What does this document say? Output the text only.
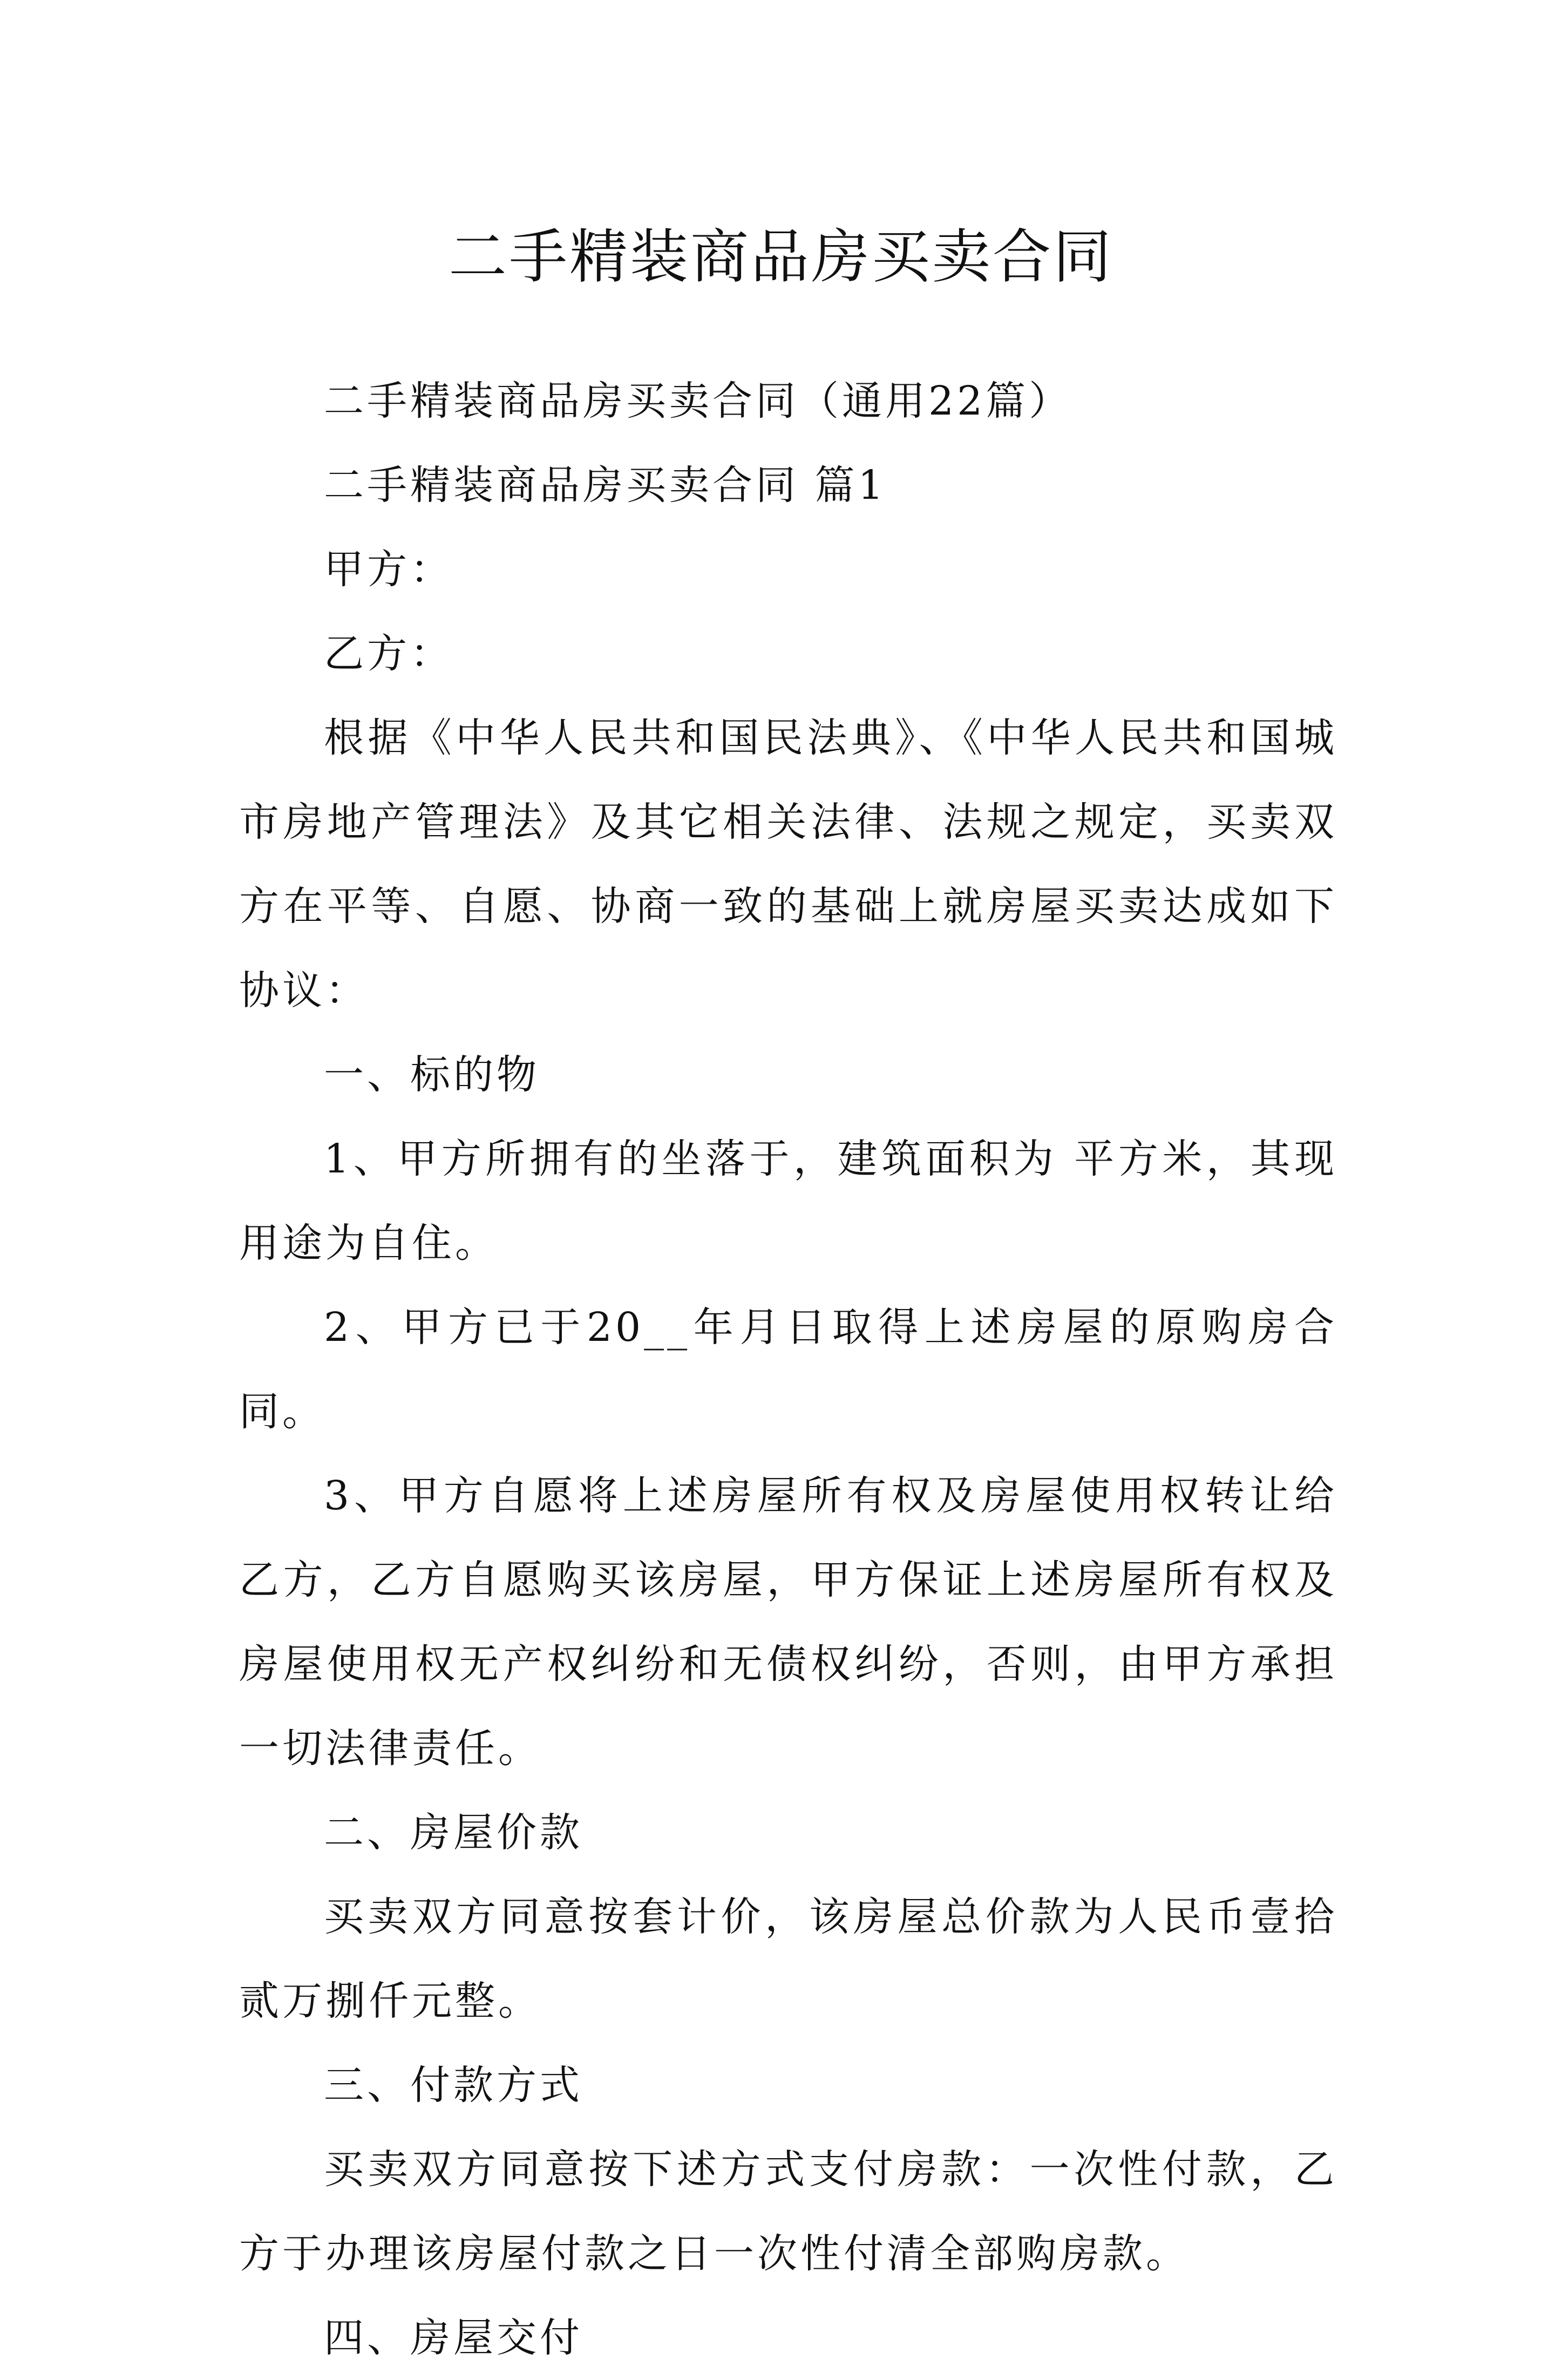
二手精装商品房买卖合同

二手精装商品房买卖合同（通用22篇）

二手精装商品房买卖合同 篇1

甲方：

乙方：

根据《中华人民共和国民法典》、《中华人民共和国城市房地产管理法》及其它相关法律、法规之规定，买卖双方在平等、自愿、协商一致的基础上就房屋买卖达成如下协议：

一、标的物

1、甲方所拥有的坐落于，建筑面积为 平方米，其现用途为自住。

2、甲方已于20__年月日取得上述房屋的原购房合同。

3、甲方自愿将上述房屋所有权及房屋使用权转让给乙方，乙方自愿购买该房屋，甲方保证上述房屋所有权及房屋使用权无产权纠纷和无债权纠纷，否则，由甲方承担一切法律责任。

二、房屋价款

买卖双方同意按套计价，该房屋总价款为人民币壹拾贰万捌仟元整。

三、付款方式

买卖双方同意按下述方式支付房款：一次性付款，乙方于办理该房屋付款之日一次性付清全部购房款。

四、房屋交付
